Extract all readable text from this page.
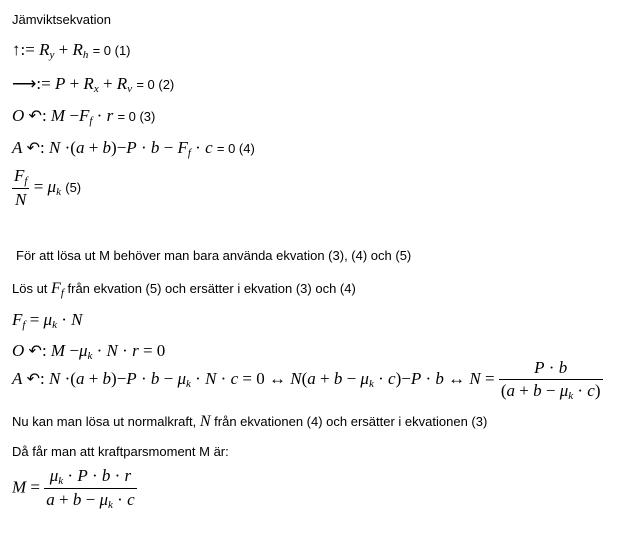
Jämviktsekvation
↑:= $R_y + R_h = 0$ (1)
⟶:= $P + R_x + R_v = 0$ (2)
O ↶: $M -F_f \cdot r = 0$ (3)
A ↶: $N \cdot(a + b)-P \cdot b - F_f \cdot c = 0$ (4)
$\frac{F_f}{N} = \mu_k$ (5)
För att lösa ut M behöver man bara använda ekvation (3), (4) och (5)
Lös ut $F_f$ från ekvation (5) och ersätter i ekvation (3) och (4)
$F_f = \mu_k \cdot N$
O ↶: $M -\mu_k \cdot N \cdot r = 0$
A ↶: $N \cdot(a + b)-P \cdot b - \mu_k \cdot N \cdot c = 0$ ↔ $N(a + b - \mu_k \cdot c)-P \cdot b$ ↔ $N = \frac{P \cdot b}{(a + b - \mu_k \cdot c)}$
Nu kan man lösa ut normalkraft, N från ekvationen (4) och ersätter i ekvationen (3)
Då får man att kraftparsmoment M är:
$M = \frac{\mu_k \cdot P \cdot b \cdot r}{a + b - \mu_k \cdot c}$
